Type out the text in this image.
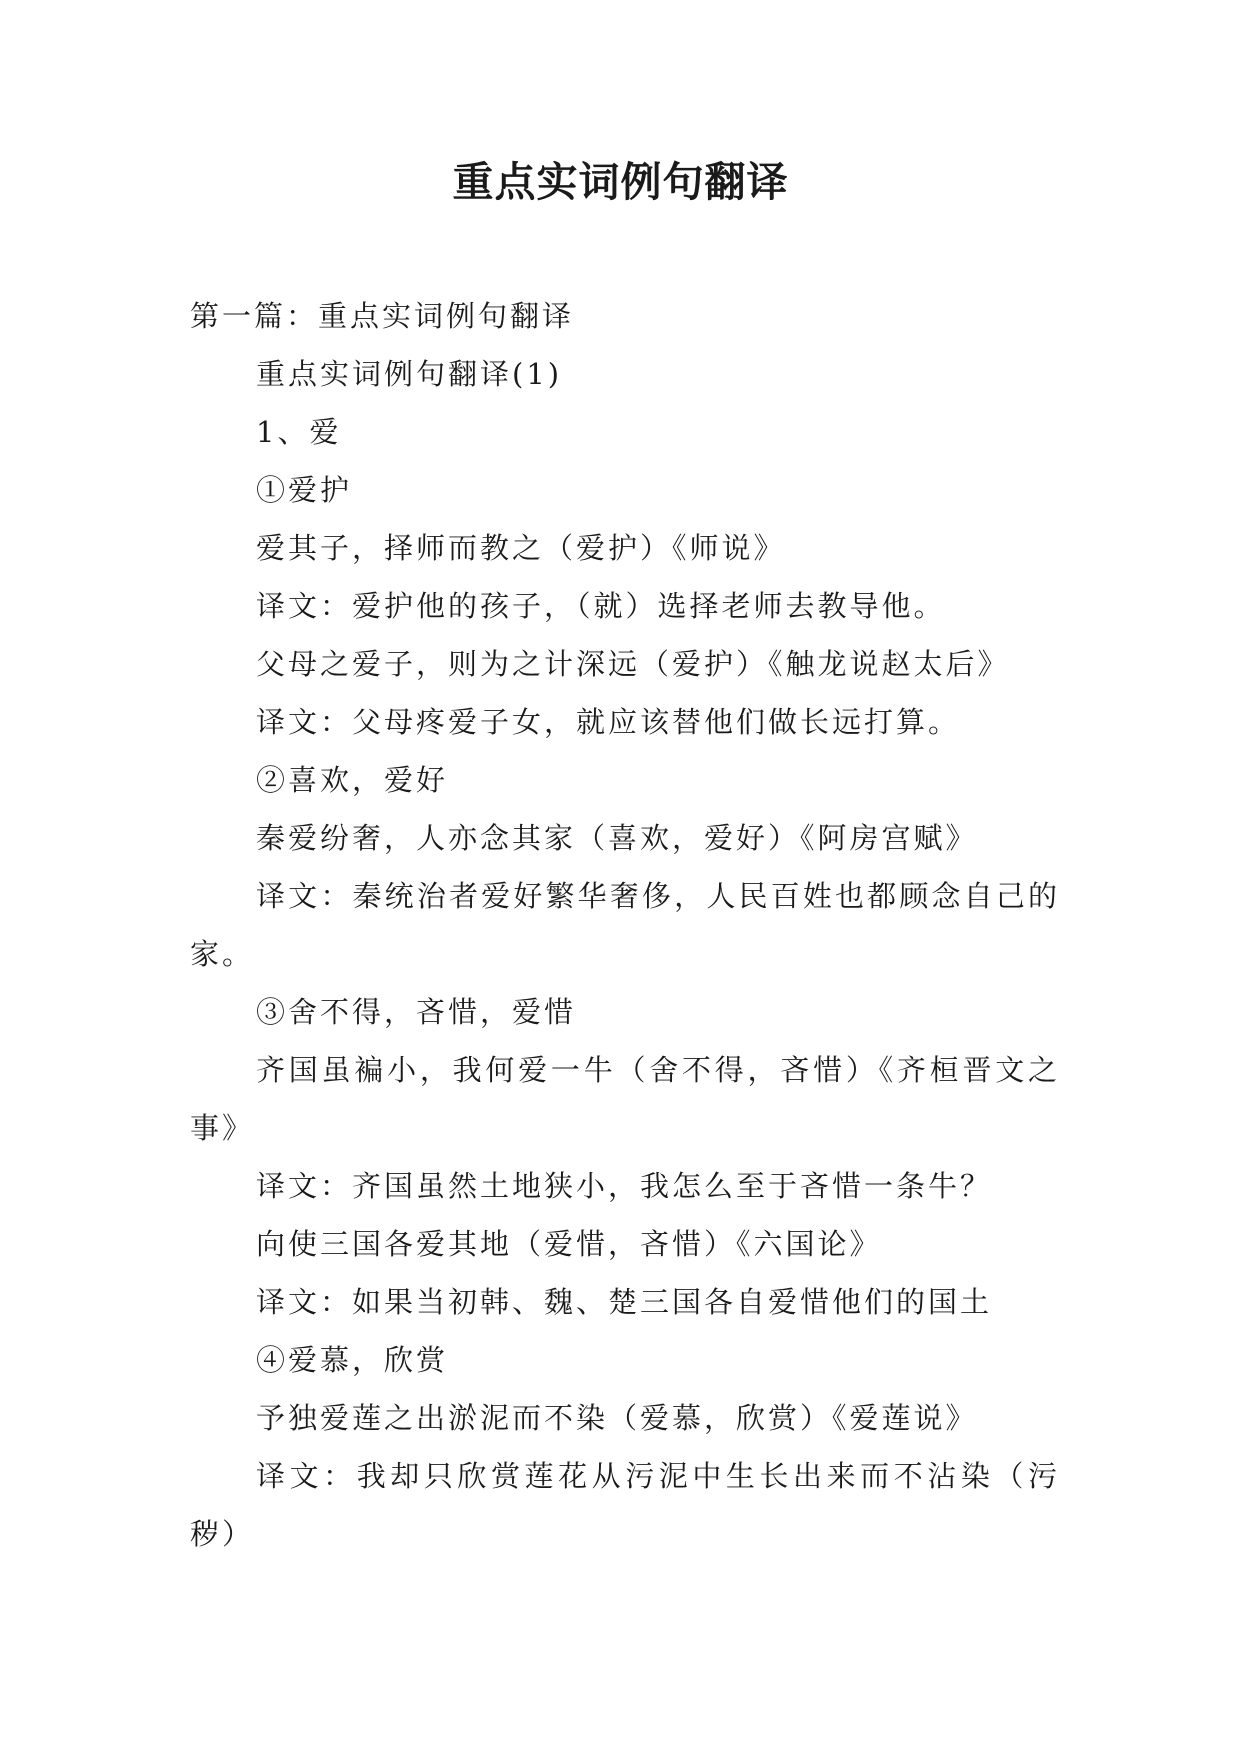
重点实词例句翻译

第一篇：重点实词例句翻译

重点实词例句翻译(1)

1、爱

①爱护

爱其子，择师而教之（爱护）《师说》

译文：爱护他的孩子，（就）选择老师去教导他。

父母之爱子，则为之计深远（爱护）《触龙说赵太后》

译文：父母疼爱子女，就应该替他们做长远打算。

②喜欢，爱好

秦爱纷奢，人亦念其家（喜欢，爱好）《阿房宫赋》

译文：秦统治者爱好繁华奢侈，人民百姓也都顾念自己的家。

③舍不得，吝惜，爱惜

齐国虽褊小，我何爱一牛（舍不得，吝惜）《齐桓晋文之事》

译文：齐国虽然土地狭小，我怎么至于吝惜一条牛？

向使三国各爱其地（爱惜，吝惜）《六国论》

译文：如果当初韩、魏、楚三国各自爱惜他们的国土

④爱慕，欣赏

予独爱莲之出淤泥而不染（爱慕，欣赏）《爱莲说》

译文：我却只欣赏莲花从污泥中生长出来而不沾染（污秽）
